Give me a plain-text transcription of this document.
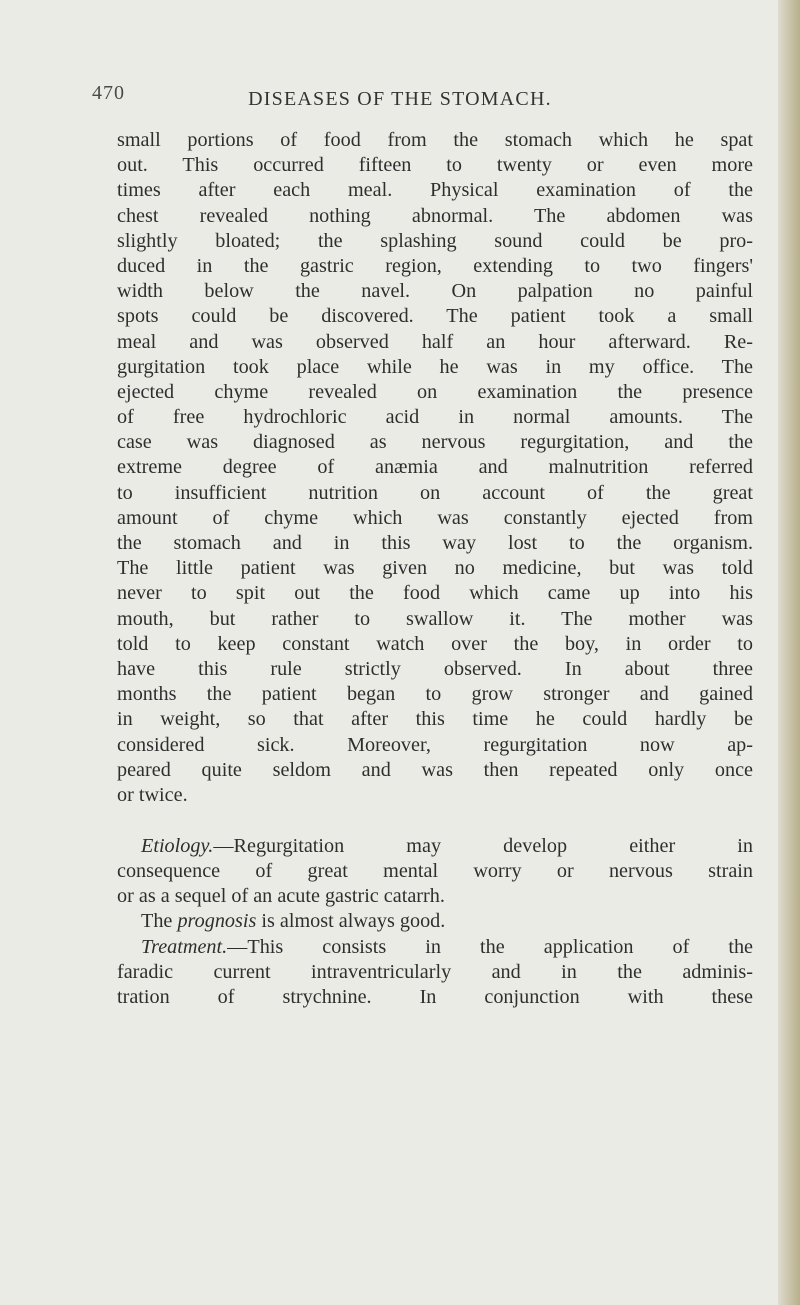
470	DISEASES OF THE STOMACH.
small portions of food from the stomach which he spat
out. This occurred fifteen to twenty or even more
times after each meal. Physical examination of the
chest revealed nothing abnormal. The abdomen was
slightly bloated; the splashing sound could be pro-
duced in the gastric region, extending to two fingers'
width below the navel. On palpation no painful
spots could be discovered. The patient took a small
meal and was observed half an hour afterward. Re-
gurgitation took place while he was in my office. The
ejected chyme revealed on examination the presence
of free hydrochloric acid in normal amounts. The
case was diagnosed as nervous regurgitation, and the
extreme degree of anæmia and malnutrition referred
to insufficient nutrition on account of the great
amount of chyme which was constantly ejected from
the stomach and in this way lost to the organism.
The little patient was given no medicine, but was told
never to spit out the food which came up into his
mouth, but rather to swallow it. The mother was
told to keep constant watch over the boy, in order to
have this rule strictly observed. In about three
months the patient began to grow stronger and gained
in weight, so that after this time he could hardly be
considered sick. Moreover, regurgitation now ap-
peared quite seldom and was then repeated only once
or twice.
Etiology.—Regurgitation may develop either in
consequence of great mental worry or nervous strain
or as a sequel of an acute gastric catarrh.
The prognosis is almost always good.
Treatment.—This consists in the application of the
faradic current intraventricularly and in the adminis-
tration of strychnine. In conjunction with these
